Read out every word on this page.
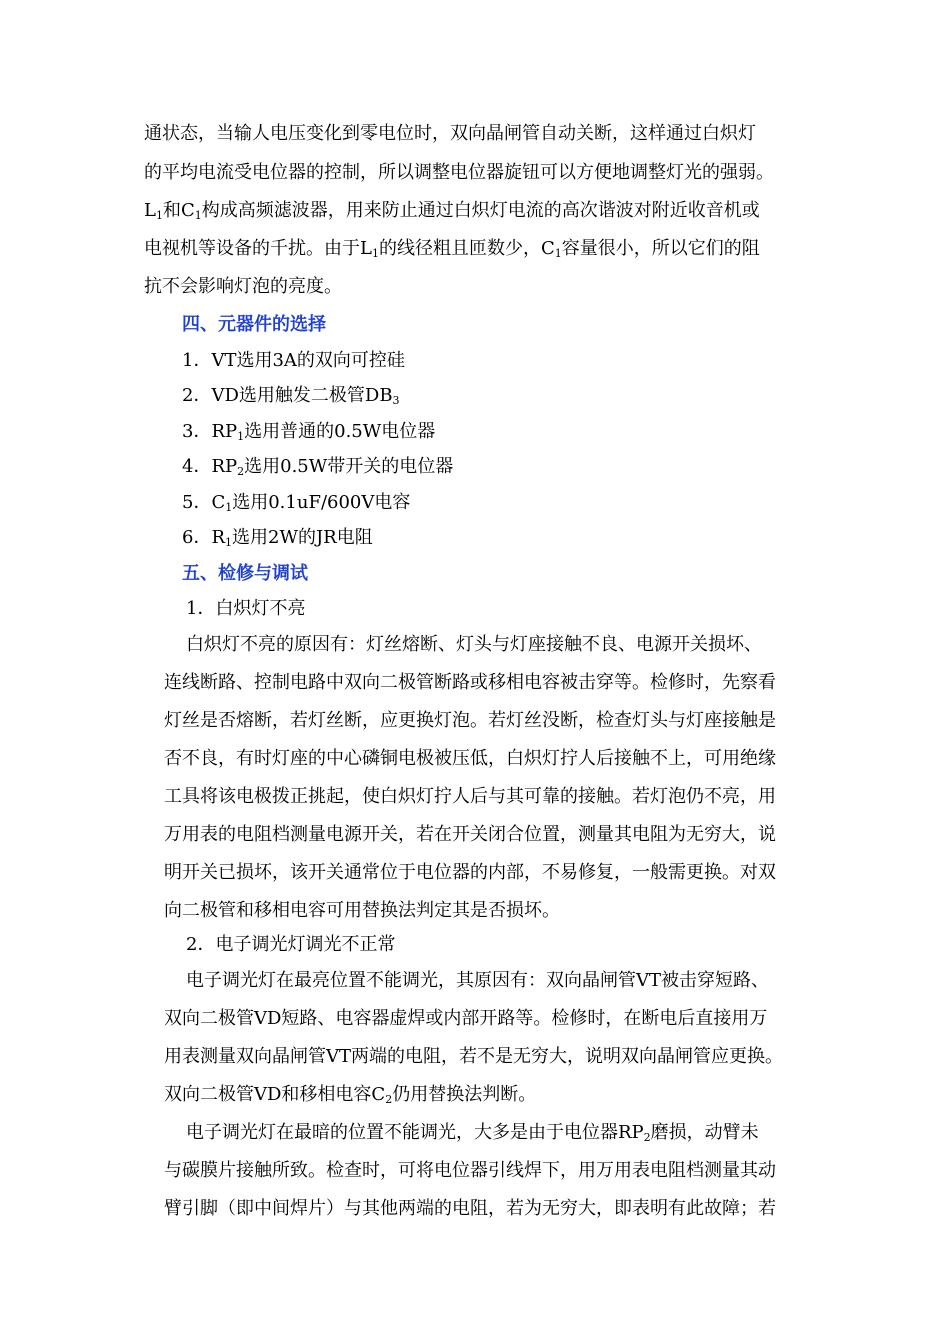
通状态，当输人电压变化到零电位时，双向晶闸管自动关断，这样通过白炽灯
的平均电流受电位器的控制，所以调整电位器旋钮可以方便地调整灯光的强弱。
$L_1$和$C_1$构成高频滤波器，用来防止通过白炽灯电流的高次谐波对附近收音机或
电视机等设备的千扰。由于$L_1$的线径粗且匝数少，$C_1$容量很小，所以它们的阻
抗不会影响灯泡的亮度。
四、元器件的选择
1．VT选用3A的双向可控硅
2．VD选用触发二极管$DB_3$
3．$RP_1$选用普通的0.5W电位器
4．$RP_2$选用0.5W带开关的电位器
5．$C_1$选用0.1uF/600V电容
6．$R_1$选用2W的JR电阻
五、检修与调试
1．白炽灯不亮
白炽灯不亮的原因有：灯丝熔断、灯头与灯座接触不良、电源开关损坏、
连线断路、控制电路中双向二极管断路或移相电容被击穿等。检修时，先察看
灯丝是否熔断，若灯丝断，应更换灯泡。若灯丝没断，检查灯头与灯座接触是
否不良，有时灯座的中心磷铜电极被压低，白炽灯拧人后接触不上，可用绝缘
工具将该电极拨正挑起，使白炽灯拧人后与其可靠的接触。若灯泡仍不亮，用
万用表的电阻档测量电源开关，若在开关闭合位置，测量其电阻为无穷大，说
明开关已损坏，该开关通常位于电位器的内部，不易修复，一般需更换。对双
向二极管和移相电容可用替换法判定其是否损坏。
2．电子调光灯调光不正常
电子调光灯在最亮位置不能调光，其原因有：双向晶闸管VT被击穿短路、
双向二极管VD短路、电容器虚焊或内部开路等。检修时，在断电后直接用万
用表测量双向晶闸管VT两端的电阻，若不是无穷大，说明双向晶闸管应更换。
双向二极管VD和移相电容$C_2$仍用替换法判断。
电子调光灯在最暗的位置不能调光，大多是由于电位器$RP_2$磨损，动臂未
与碳膜片接触所致。检查时，可将电位器引线焊下，用万用表电阻档测量其动
臂引脚（即中间焊片）与其他两端的电阻，若为无穷大，即表明有此故障；若
